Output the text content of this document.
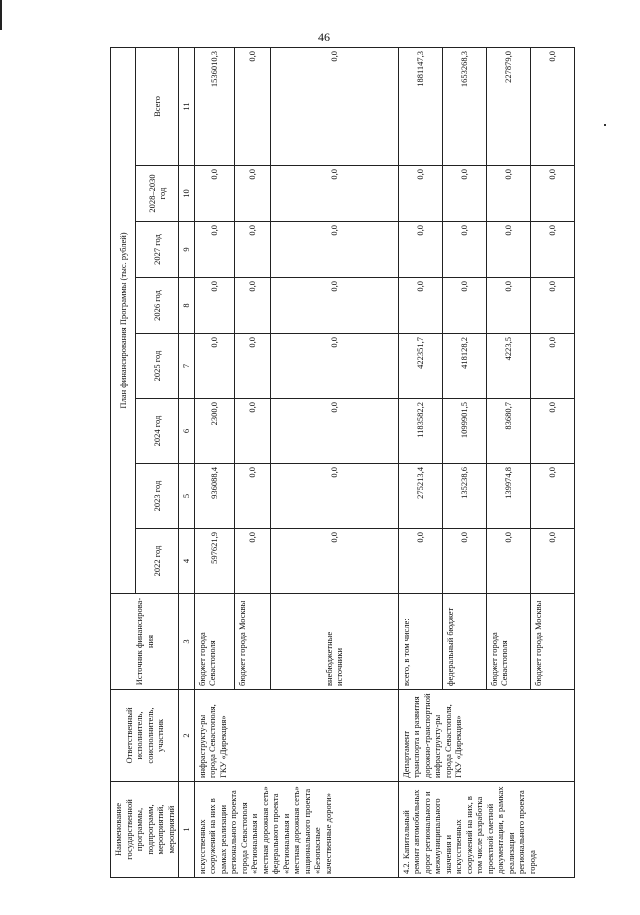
46
Наименование государственной программы, подпрограмм, мероприятий, мероприятий	Ответственный исполнитель, соисполнитель, участник	Источник финансирова-ния	План финансирования Программы (тыс. рублей)							
			2022 год	2023 год	2024 год	2025 год	2026 год	2027 год	2028–2030 год	Всего
1	2	3	4	5	6	7	8	9	10	11
искусственных сооружений на них в рамках реализации регионального проекта города Севастополя «Региональная и местная дорожная сеть» федерального проекта «Региональная и местная дорожная сеть» национального проекта «Безопасные качественные дороги»	инфраструкту-ры города Севастополя, ГКУ «Дирекция»	бюджет города Севастополя	597621,9	936088,4	2300,0	0,0	0,0	0,0	0,0	1536010,3
		бюджет города Москвы	0,0	0,0	0,0	0,0	0,0	0,0	0,0	0,0
		внебюджетные источники	0,0	0,0	0,0	0,0	0,0	0,0	0,0	0,0
4.2. Капитальный ремонт автомобильных дорог регионального и межмуниципального значения и искусственных сооружений на них, в том числе разработка проектной сметной документации, в рамках реализации регионального проекта города	Департамент транспорта и развития дорожно-транспортной инфраструкту-ры города Севастополя, ГКУ «Дирекция»	всего, в том числе:	0,0	275213,4	1183582,2	422351,7	0,0	0,0	0,0	1881147,3
		федеральный бюджет	0,0	135238,6	1099901,5	418128,2	0,0	0,0	0,0	1653268,3
		бюджет города Севастополя	0,0	139974,8	83680,7	4223,5	0,0	0,0	0,0	227879,0
		бюджет города Москвы	0,0	0,0	0,0	0,0	0,0	0,0	0,0	0,0
